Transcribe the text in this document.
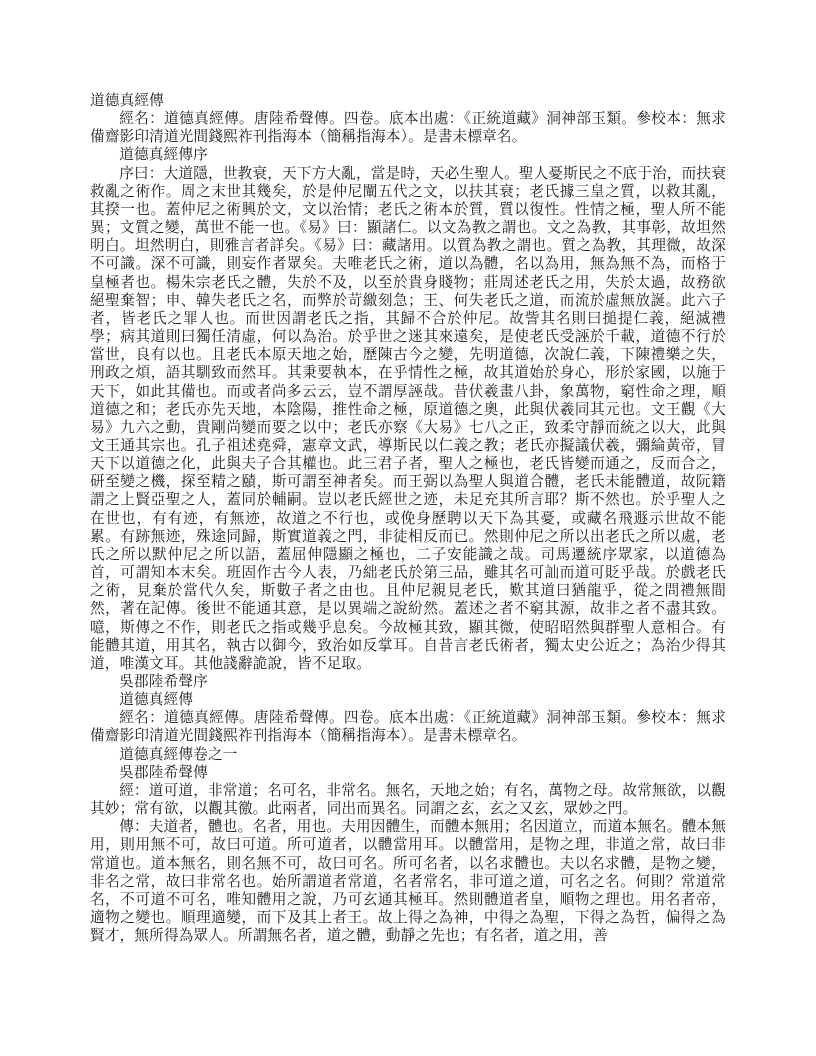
道德真經傳

經名：道德真經傳。唐陸希聲傳。四卷。底本出處：《正統道藏》洞神部玉類。參校本：無求備齋影印清道光間錢熙祚刊指海本（簡稱指海本）。是書未標章名。

道德真經傳序

序曰：大道隱，世教衰，天下方大亂，當是時，天必生聖人。聖人憂斯民之不底于治，而扶衰救亂之術作。周之末世其幾矣，於是仲尼闡五代之文，以扶其衰；老氏據三皇之質，以救其亂，其揆一也。蓋仲尼之術興於文，文以治情；老氏之術本於質，質以復性。性情之極，聖人所不能異；文質之變，萬世不能一也。《易》曰：顯諸仁。以文為教之謂也。文之為教，其事彰，故坦然明白。坦然明白，則雅言者詳矣。《易》曰：藏諸用。以質為教之謂也。質之為教，其理微，故深不可識。深不可識，則妄作者眾矣。夫唯老氏之術，道以為體，名以為用，無為無不為，而格于皇極者也。楊朱宗老氏之體，失於不及，以至於貴身賤物；莊周述老氏之用，失於太過，故務欲絕聖棄智；申、韓失老氏之名，而弊於苛繳刻急；王、何失老氏之道，而流於虛無放誕。此六子者，皆老氏之罪人也。而世因謂老氏之指，其歸不合於仲尼。故訾其名則曰搥提仁義，絕滅禮學；病其道則曰獨任清虛，何以為治。於乎世之迷其來遠矣，是使老氏受誣於千載，道德不行於當世，良有以也。且老氏本原天地之始，歷陳古今之變，先明道德，次說仁義，下陳禮樂之失，刑政之煩，語其馴致而然耳。其秉要執本，在乎情性之極，故其道始於身心，形於家國，以施于天下，如此其備也。而或者尚多云云，豈不謂厚誣哉。昔伏羲畫八卦，象萬物，窮性命之理，順道德之和；老氏亦先天地，本陰陽，推性命之極，原道德之奧，此與伏羲同其元也。文王觀《大易》九六之動，貴剛尚變而要之以中；老氏亦察《大易》七八之正，致柔守靜而統之以大，此與文王通其宗也。孔子祖述堯舜，憲章文武，導斯民以仁義之教；老氏亦擬議伏羲，彌綸黃帝，冒天下以道德之化，此與夫子合其權也。此三君子者，聖人之極也，老氏皆變而通之，反而合之，研至變之機，探至精之賾，斯可謂至神者矣。而王弼以為聖人與道合體，老氏未能體道，故阮籍謂之上賢亞聖之人，蓋同於輔嗣。豈以老氏經世之迹，未足充其所言耶？斯不然也。於乎聖人之在世也，有有迹，有無迹，故道之不行也，或俛身歷聘以天下為其憂，或藏名飛遯示世故不能累。有跡無迹，殊途同歸，斯實道義之門，非徒相反而已。然則仲尼之所以出老氏之所以處，老氏之所以默仲尼之所以語，蓋屈伸隱顯之極也，二子安能識之哉。司馬遷統序眾家，以道德為首，可謂知本末矣。班固作古今人表，乃絀老氏於第三品，雖其名可訕而道可貶乎哉。於戲老氏之術，見棄於當代久矣，斯數子者之由也。且仲尼親見老氏，歎其道曰猶龍乎，從之問禮無間然，著在記傳。後世不能通其意，是以異端之說紛然。蓋述之者不窮其源，故非之者不盡其致。噫，斯傳之不作，則老氏之指或幾乎息矣。今故極其致，顯其微，使昭昭然與群聖人意相合。有能體其道，用其名，執古以御今，致治如反掌耳。自昔言老氏術者，獨太史公近之；為治少得其道，唯漢文耳。其他諓辭詭說，皆不足取。

吳郡陸希聲序

道德真經傳

經名：道德真經傳。唐陸希聲傳。四卷。底本出處：《正統道藏》洞神部玉類。參校本：無求備齋影印清道光間錢熙祚刊指海本（簡稱指海本）。是書未標章名。

道德真經傳卷之一

吳郡陸希聲傳

經：道可道，非常道；名可名，非常名。無名，天地之始；有名，萬物之母。故常無欲，以觀其妙；常有欲，以觀其徼。此兩者，同出而異名。同謂之玄，玄之又玄，眾妙之門。

傳：夫道者，體也。名者，用也。夫用因體生，而體本無用；名因道立，而道本無名。體本無用，則用無不可，故曰可道。所可道者，以體當用耳。以體當用，是物之理，非道之常，故曰非常道也。道本無名，則名無不可，故曰可名。所可名者，以名求體也。夫以名求體，是物之變，非名之常，故曰非常名也。始所謂道者常道，名者常名，非可道之道，可名之名。何則？常道常名，不可道不可名，唯知體用之說，乃可玄通其極耳。然則體道者皇，順物之理也。用名者帝，適物之變也。順理適變，而下及其上者王。故上得之為神，中得之為聖，下得之為哲，偏得之為賢才，無所得為眾人。所謂無名者，道之體，動靜之先也；有名者，道之用，善
